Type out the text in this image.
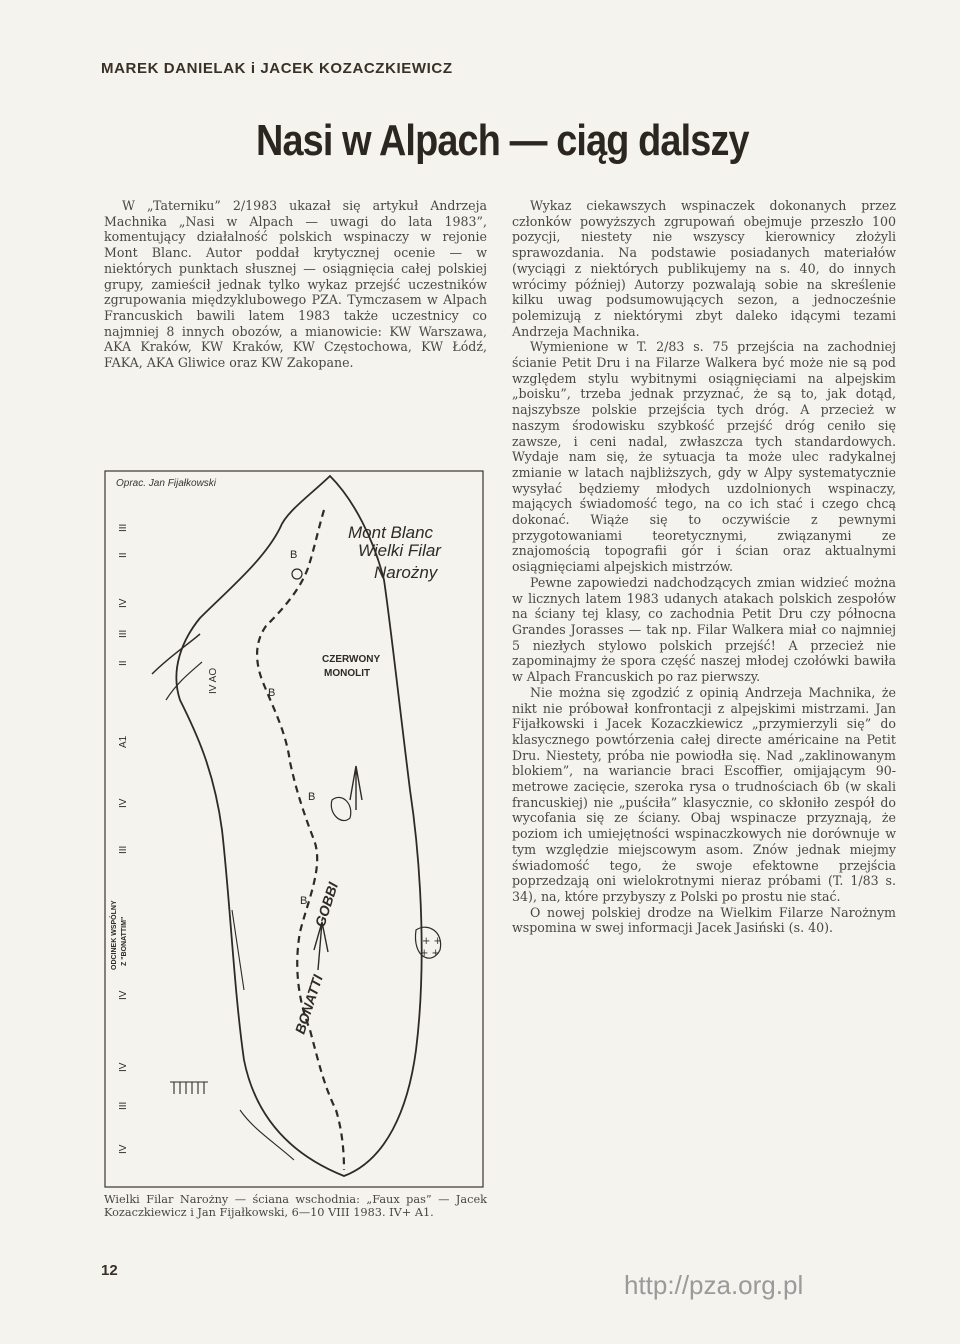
MAREK DANIELAK i JACEK KOZACZKIEWICZ
Nasi w Alpach — ciąg dalszy

W „Taterniku” 2/1983 ukazał się artykuł Andrzeja Machnika „Nasi w Alpach — uwagi do lata 1983”, komentujący działalność polskich wspinaczy w rejonie Mont Blanc. Autor poddał krytycznej ocenie — w niektórych punktach słusznej — osiągnięcia całej polskiej grupy, zamieścił jednak tylko wykaz przejść uczestników zgrupowania międzyklubowego PZA. Tymczasem w Alpach Francuskich bawili latem 1983 także uczestnicy co najmniej 8 innych obozów, a mianowicie: KW Warszawa, AKA Kraków, KW Kraków, KW Częstochowa, KW Łódź, FAKA, AKA Gliwice oraz KW Zakopane.

Oprac. Jan Fijałkowski
B
B
B
B
+ +
+ +
Mont Blanc
Wielki Filar
Narożny
CZERWONY
MONOLIT
BONATTI
GOBBI
ODCINEK WSPÓLNY Z "BONATTIM"
III
II
IV
III
II
IV AO
A1
IV
III
IV
IV
III
IV
Wielki Filar Narożny — ściana wschodnia: „Faux pas” — Jacek Kozaczkiewicz i Jan Fijałkowski, 6—10 VIII 1983. IV+ A1.

Wykaz ciekawszych wspinaczek dokonanych przez członków powyższych zgrupowań obejmuje przeszło 100 pozycji, niestety nie wszyscy kierownicy złożyli sprawozdania. Na podstawie posiadanych materiałów (wyciągi z niektórych publikujemy na s. 40, do innych wrócimy później) Autorzy pozwalają sobie na skreślenie kilku uwag podsumowujących sezon, a jednocześnie polemizują z niektórymi zbyt daleko idącymi tezami Andrzeja Machnika.

Wymienione w T. 2/83 s. 75 przejścia na zachodniej ścianie Petit Dru i na Filarze Walkera być może nie są pod względem stylu wybitnymi osiągnięciami na alpejskim „boisku”, trzeba jednak przyznać, że są to, jak dotąd, najszybsze polskie przejścia tych dróg. A przecież w naszym środowisku szybkość przejść dróg ceniło się zawsze, i ceni nadal, zwłaszcza tych standardowych. Wydaje nam się, że sytuacja ta może ulec radykalnej zmianie w latach najbliższych, gdy w Alpy systematycznie wysyłać będziemy młodych uzdolnionych wspinaczy, mających świadomość tego, na co ich stać i czego chcą dokonać. Wiąże się to oczywiście z pewnymi przygotowaniami teoretycznymi, związanymi ze znajomością topografii gór i ścian oraz aktualnymi osiągnięciami alpejskich mistrzów.

Pewne zapowiedzi nadchodzących zmian widzieć można w licznych latem 1983 udanych atakach polskich zespołów na ściany tej klasy, co zachodnia Petit Dru czy północna Grandes Jorasses — tak np. Filar Walkera miał co najmniej 5 niezłych stylowo polskich przejść! A przecież nie zapominajmy że spora część naszej młodej czołówki bawiła w Alpach Francuskich po raz pierwszy.

Nie można się zgodzić z opinią Andrzeja Machnika, że nikt nie próbował konfrontacji z alpejskimi mistrzami. Jan Fijałkowski i Jacek Kozaczkiewicz „przymierzyli się” do klasycznego powtórzenia całej directe américaine na Petit Dru. Niestety, próba nie powiodła się. Nad „zaklinowanym blokiem”, na wariancie braci Escoffier, omijającym 90-metrowe zacięcie, szeroka rysa o trudnościach 6b (w skali francuskiej) nie „puściła” klasycznie, co skłoniło zespół do wycofania się ze ściany. Obaj wspinacze przyznają, że poziom ich umiejętności wspinaczkowych nie dorównuje w tym względzie miejscowym asom. Znów jednak miejmy świadomość tego, że swoje efektowne przejścia poprzedzają oni wielokrotnymi nieraz próbami (T. 1/83 s. 34), na, które przybyszy z Polski po prostu nie stać.

O nowej polskiej drodze na Wielkim Filarze Narożnym wspomina w swej informacji Jacek Jasiński (s. 40).

12	http://pza.org.pl
